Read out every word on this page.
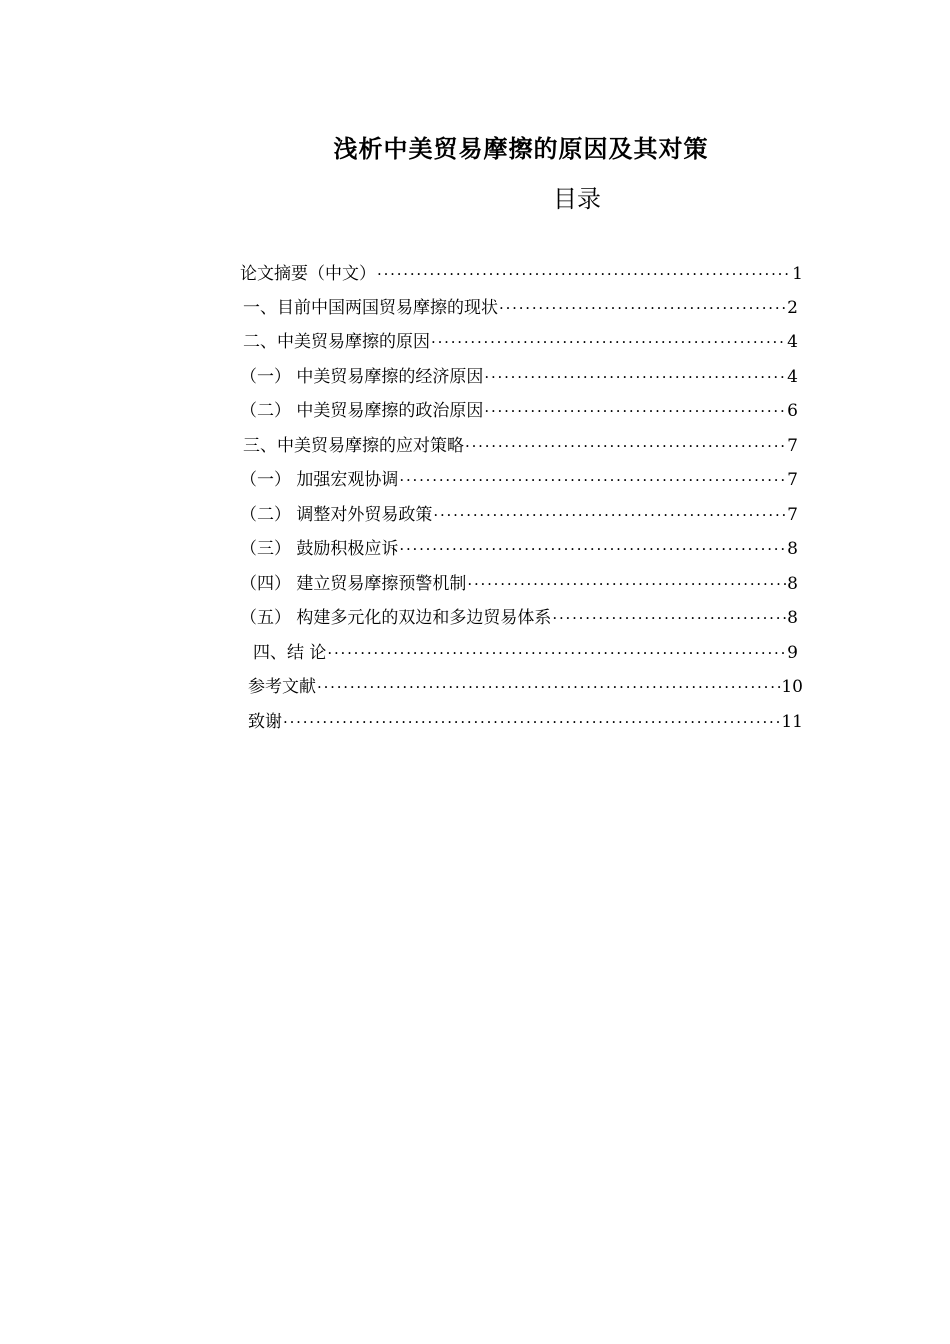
浅析中美贸易摩擦的原因及其对策
目录
论文摘要（中文） ·····	1
一、目前中国两国贸易摩擦的现状 ·····	2
二、中美贸易摩擦的原因 ·····	4
（一） 中美贸易摩擦的经济原因 ·····	4
（二） 中美贸易摩擦的政治原因 ·····	6
三、中美贸易摩擦的应对策略 ·····	7
（一） 加强宏观协调 ·····	7
（二） 调整对外贸易政策 ·····	7
（三） 鼓励积极应诉 ·····	8
（四） 建立贸易摩擦预警机制 ·····	8
（五） 构建多元化的双边和多边贸易体系 ·····	8
四、结 论 ·····	9
参考文献 ·····	10
致谢 ·····	11
